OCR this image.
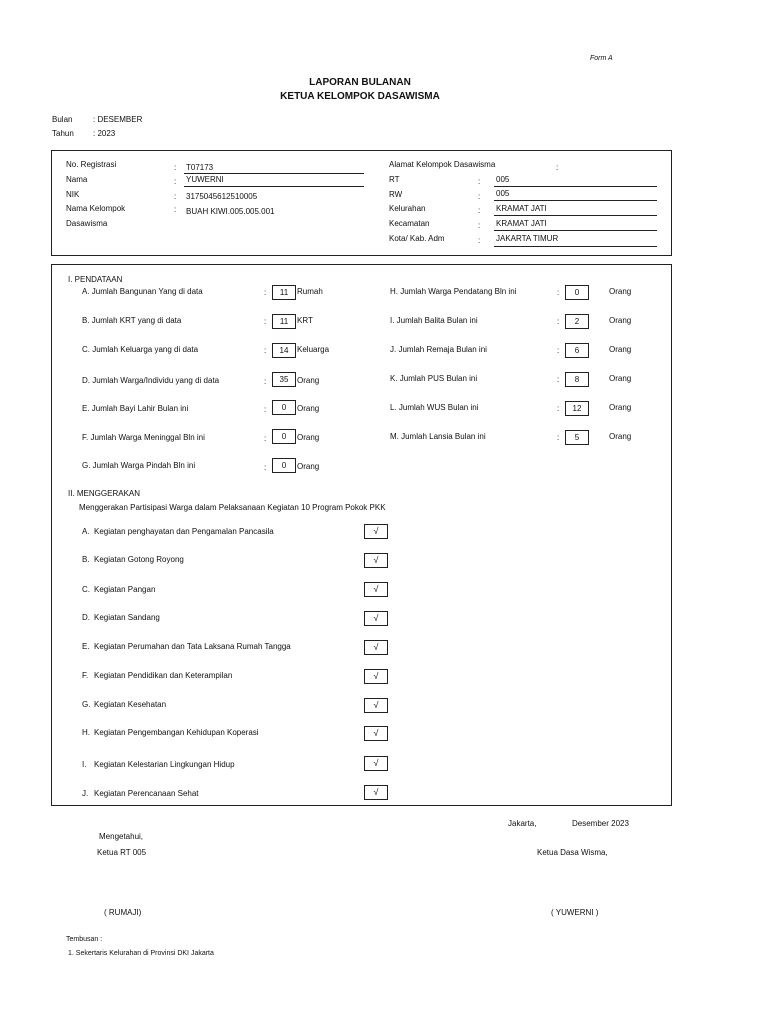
Form A
LAPORAN BULANAN
KETUA KELOMPOK DASAWISMA
Bulan	: DESEMBER
Tahun : 2023
No. Registrasi	: T07173
Nama	: YUWERNI
NIK	: 3175045612510005
Nama Kelompok	: BUAH KIWI.005.005.001
Dasawisma
Alamat Kelompok Dasawisma	:
RT	: 005
RW	: 005
Kelurahan	: KRAMAT JATI
Kecamatan	: KRAMAT JATI
Kota/ Kab. Adm	: JAKARTA TIMUR
I. PENDATAAN
A. Jumlah Bangunan Yang di data	:	11	Rumah
B. Jumlah KRT yang di data	:	11	KRT
C. Jumlah Keluarga yang di data	:	14	Keluarga
D. Jumlah Warga/Individu yang di data	:	35	Orang
E. Jumlah Bayi Lahir Bulan ini	:	0	Orang
F. Jumlah Warga Meninggal Bln ini	:	0	Orang
G. Jumlah Warga Pindah Bln ini	:	0	Orang
H. Jumlah Warga Pendatang Bln ini	:	0	Orang
I. Jumlah Balita Bulan ini	:	2	Orang
J. Jumlah Remaja Bulan ini	:	6	Orang
K. Jumlah PUS Bulan ini	:	8	Orang
L. Jumlah WUS Bulan ini	:	12	Orang
M. Jumlah Lansia Bulan ini	:	5	Orang
II. MENGGERAKAN
Menggerakan Partisipasi Warga dalam Pelaksanaan Kegiatan 10 Program Pokok PKK
A. Kegiatan penghayatan dan Pengamalan Pancasila	√
B. Kegiatan Gotong Royong	√
C. Kegiatan Pangan	√
D. Kegiatan Sandang	√
E. Kegiatan Perumahan dan Tata Laksana Rumah Tangga	√
F. Kegiatan Pendidikan dan Keterampilan	√
G. Kegiatan Kesehatan	√
H. Kegiatan Pengembangan Kehidupan Koperasi	√
I. Kegiatan Kelestarian Lingkungan Hidup	√
J. Kegiatan Perencanaan Sehat	√
Jakarta,	Desember 2023
Mengetahui,
Ketua RT 005	Ketua Dasa Wisma,
( RUMAJI)	( YUWERNI )
Tembusan :
1. Sekertaris Kelurahan di Provinsi DKI Jakarta
